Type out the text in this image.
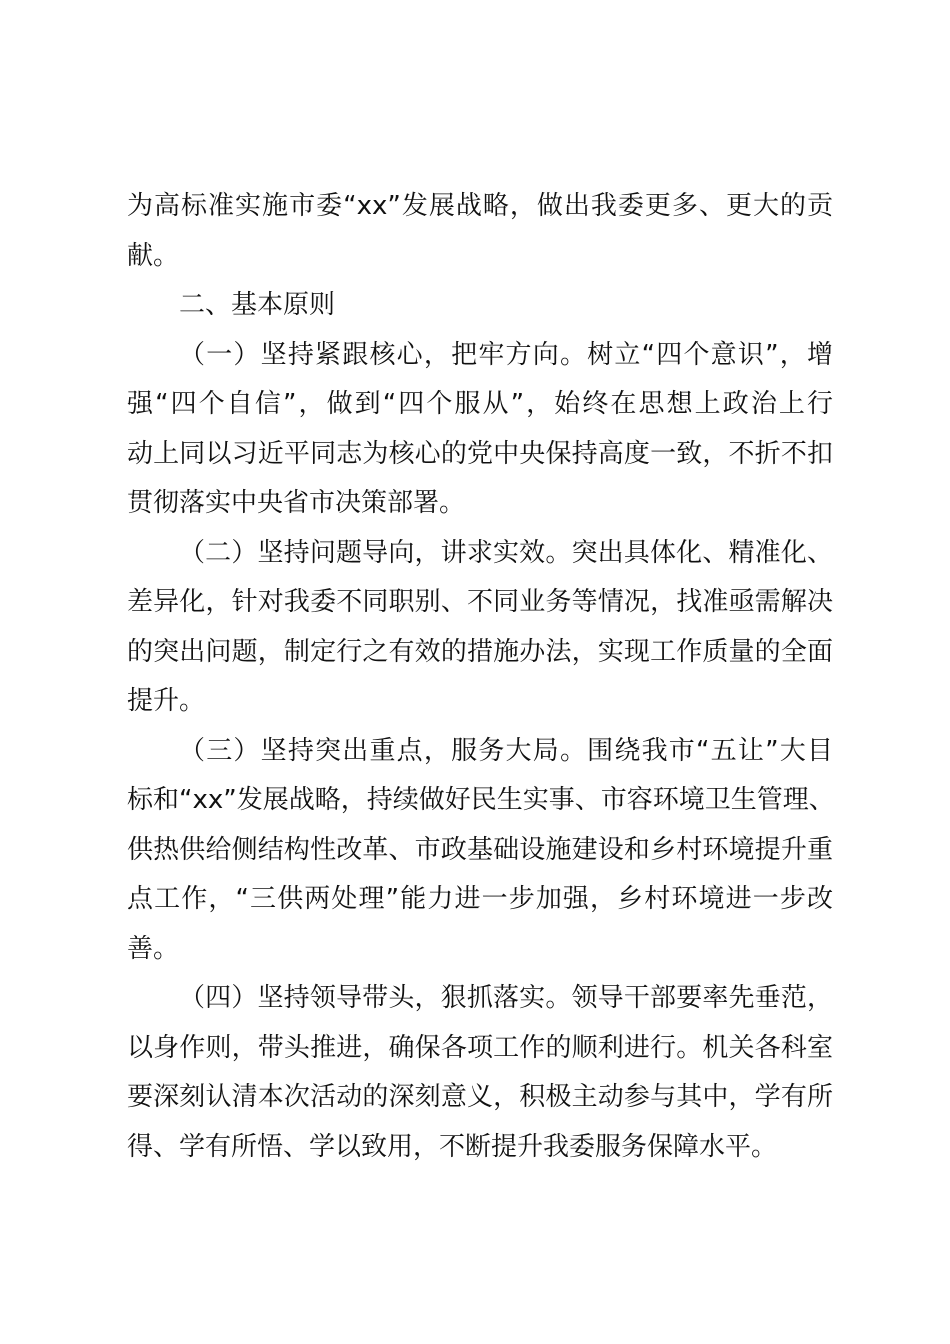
为高标准实施市委“xx”发展战略，做出我委更多、更大的贡
献。
二、基本原则
（一）坚持紧跟核心，把牢方向。树立“四个意识”，增
强“四个自信”，做到“四个服从”，始终在思想上政治上行
动上同以习近平同志为核心的党中央保持高度一致，不折不扣
贯彻落实中央省市决策部署。
（二）坚持问题导向，讲求实效。突出具体化、精准化、
差异化，针对我委不同职别、不同业务等情况，找准亟需解决
的突出问题，制定行之有效的措施办法，实现工作质量的全面
提升。
（三）坚持突出重点，服务大局。围绕我市“五让”大目
标和“xx”发展战略，持续做好民生实事、市容环境卫生管理、
供热供给侧结构性改革、市政基础设施建设和乡村环境提升重
点工作，“三供两处理”能力进一步加强，乡村环境进一步改
善。
（四）坚持领导带头，狠抓落实。领导干部要率先垂范，
以身作则，带头推进，确保各项工作的顺利进行。机关各科室
要深刻认清本次活动的深刻意义，积极主动参与其中，学有所
得、学有所悟、学以致用，不断提升我委服务保障水平。
